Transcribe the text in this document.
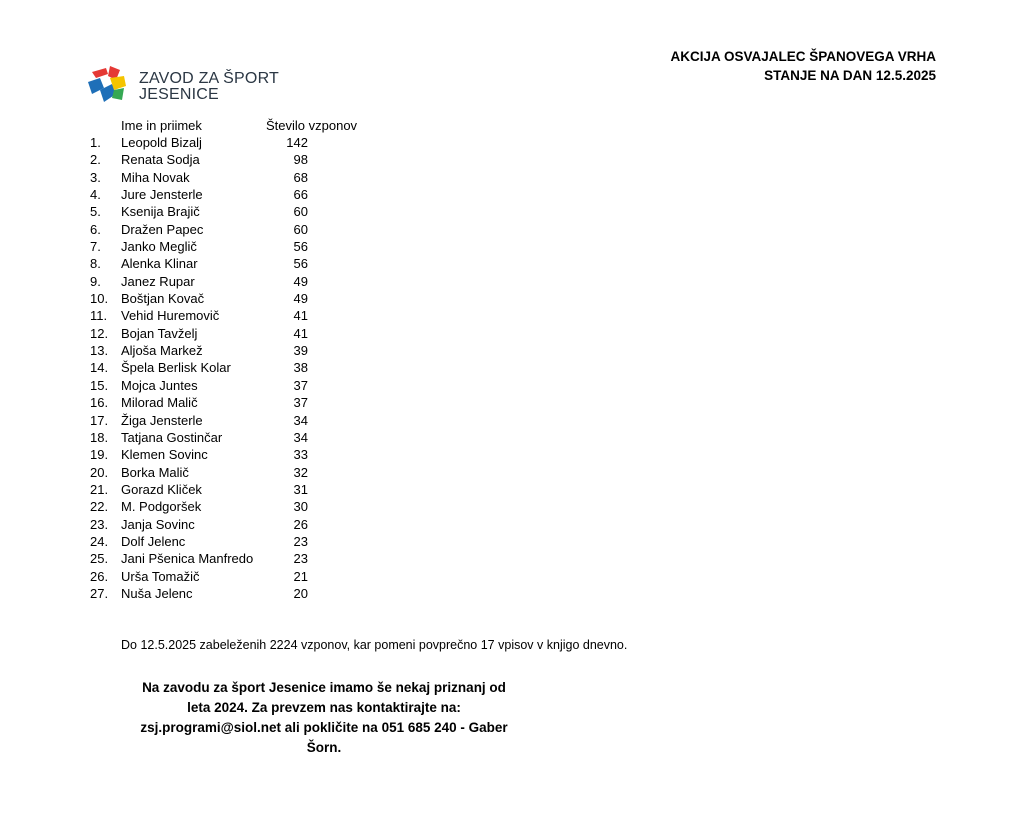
AKCIJA OSVAJALEC ŠPANOVEGA VRHA
STANJE NA DAN 12.5.2025
ZAVOD ZA ŠPORT
JESENICE
Ime in priimek	Število vzponov
1. Leopold Bizalj	142
2. Renata Sodja	98
3. Miha Novak	68
4. Jure Jensterle	66
5. Ksenija Brajič	60
6. Dražen Papec	60
7. Janko Meglič	56
8. Alenka Klinar	56
9. Janez Rupar	49
10. Boštjan Kovač	49
11. Vehid Huremovič	41
12. Bojan Tavželj	41
13. Aljoša Markež	39
14. Špela Berlisk Kolar	38
15. Mojca Juntes	37
16. Milorad Malič	37
17. Žiga Jensterle	34
18. Tatjana Gostinčar	34
19. Klemen Sovinc	33
20. Borka Malič	32
21. Gorazd Kliček	31
22. M. Podgoršek	30
23. Janja Sovinc	26
24. Dolf Jelenc	23
25. Jani Pšenica Manfredo	23
26. Urša Tomažič	21
27. Nuša Jelenc	20
Do 12.5.2025 zabeleženih 2224 vzponov, kar pomeni povprečno 17 vpisov v knjigo dnevno.
Na zavodu za šport Jesenice imamo še nekaj priznanj od
leta 2024. Za prevzem nas kontaktirajte na:
zsj.programi@siol.net ali pokličite na 051 685 240 - Gaber
Šorn.
